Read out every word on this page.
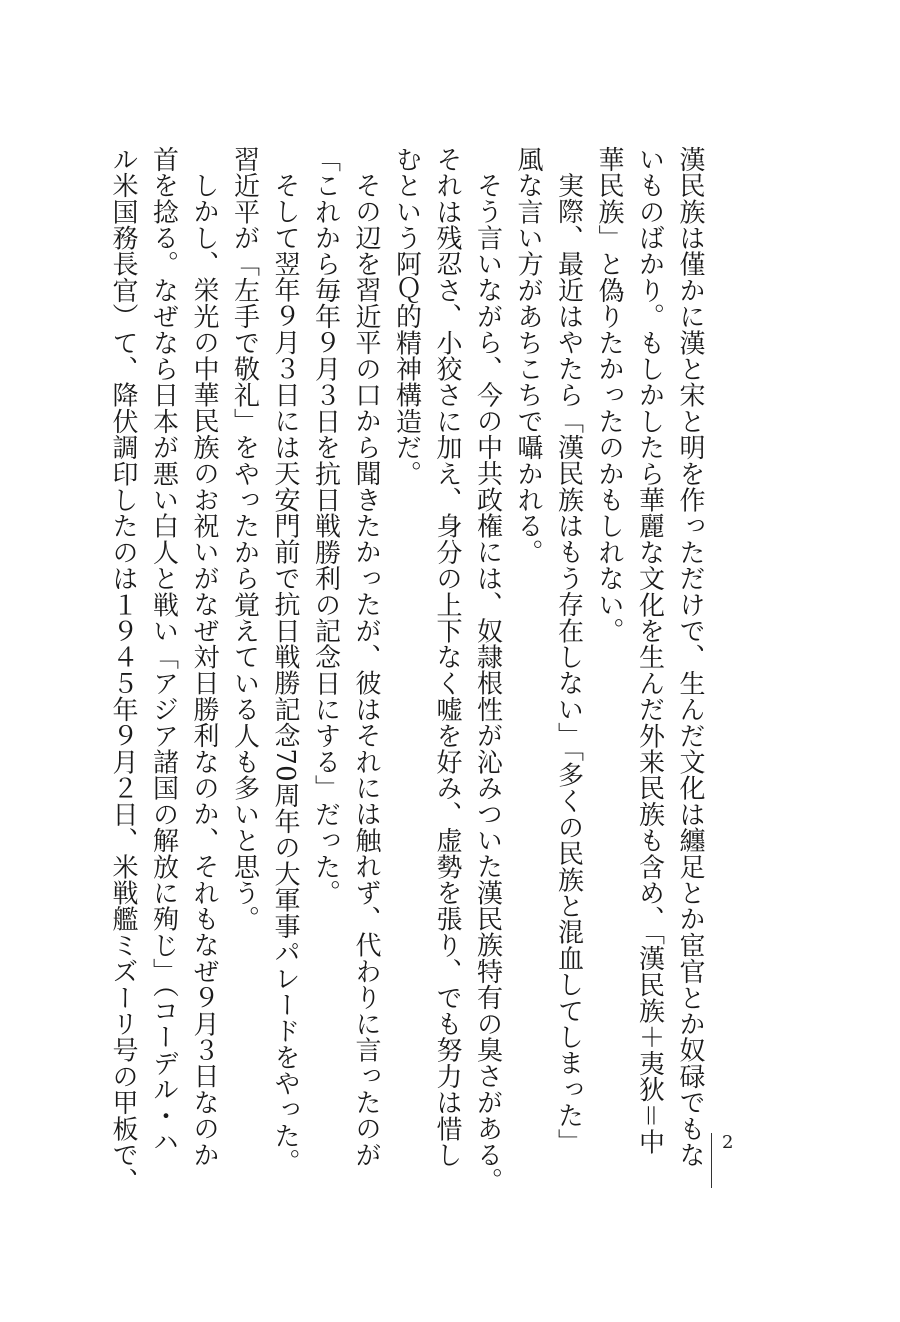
漢民族は僅かに漢と宋と明を作っただけで、生んだ文化は纏足とか宦官とか奴碌でもな
いものばかり。もしかしたら華麗な文化を生んだ外来民族も含め、「漢民族＋夷狄＝中
華民族」と偽りたかったのかもしれない。
実際、最近はやたら「漢民族はもう存在しない」「多くの民族と混血してしまった」
風な言い方があちこちで囁かれる。
そう言いながら、今の中共政権には、奴隷根性が沁みついた漢民族特有の臭さがある。
それは残忍さ、小狡さに加え、身分の上下なく嘘を好み、虚勢を張り、でも努力は惜し
むという阿Ｑ的精神構造だ。
その辺を習近平の口から聞きたかったが、彼はそれには触れず、代わりに言ったのが
「これから毎年９月３日を抗日戦勝利の記念日にする」だった。
そして翌年９月３日には天安門前で抗日戦勝記念70周年の大軍事パレードをやった。
習近平が「左手で敬礼」をやったから覚えている人も多いと思う。
しかし、栄光の中華民族のお祝いがなぜ対日勝利なのか、それもなぜ９月３日なのか
首を捻る。なぜなら日本が悪い白人と戦い「アジア諸国の解放に殉じ」（コーデル・ハ
ル米国務長官）て、降伏調印したのは１９４５年９月２日、米戦艦ミズーリ号の甲板で、	2
